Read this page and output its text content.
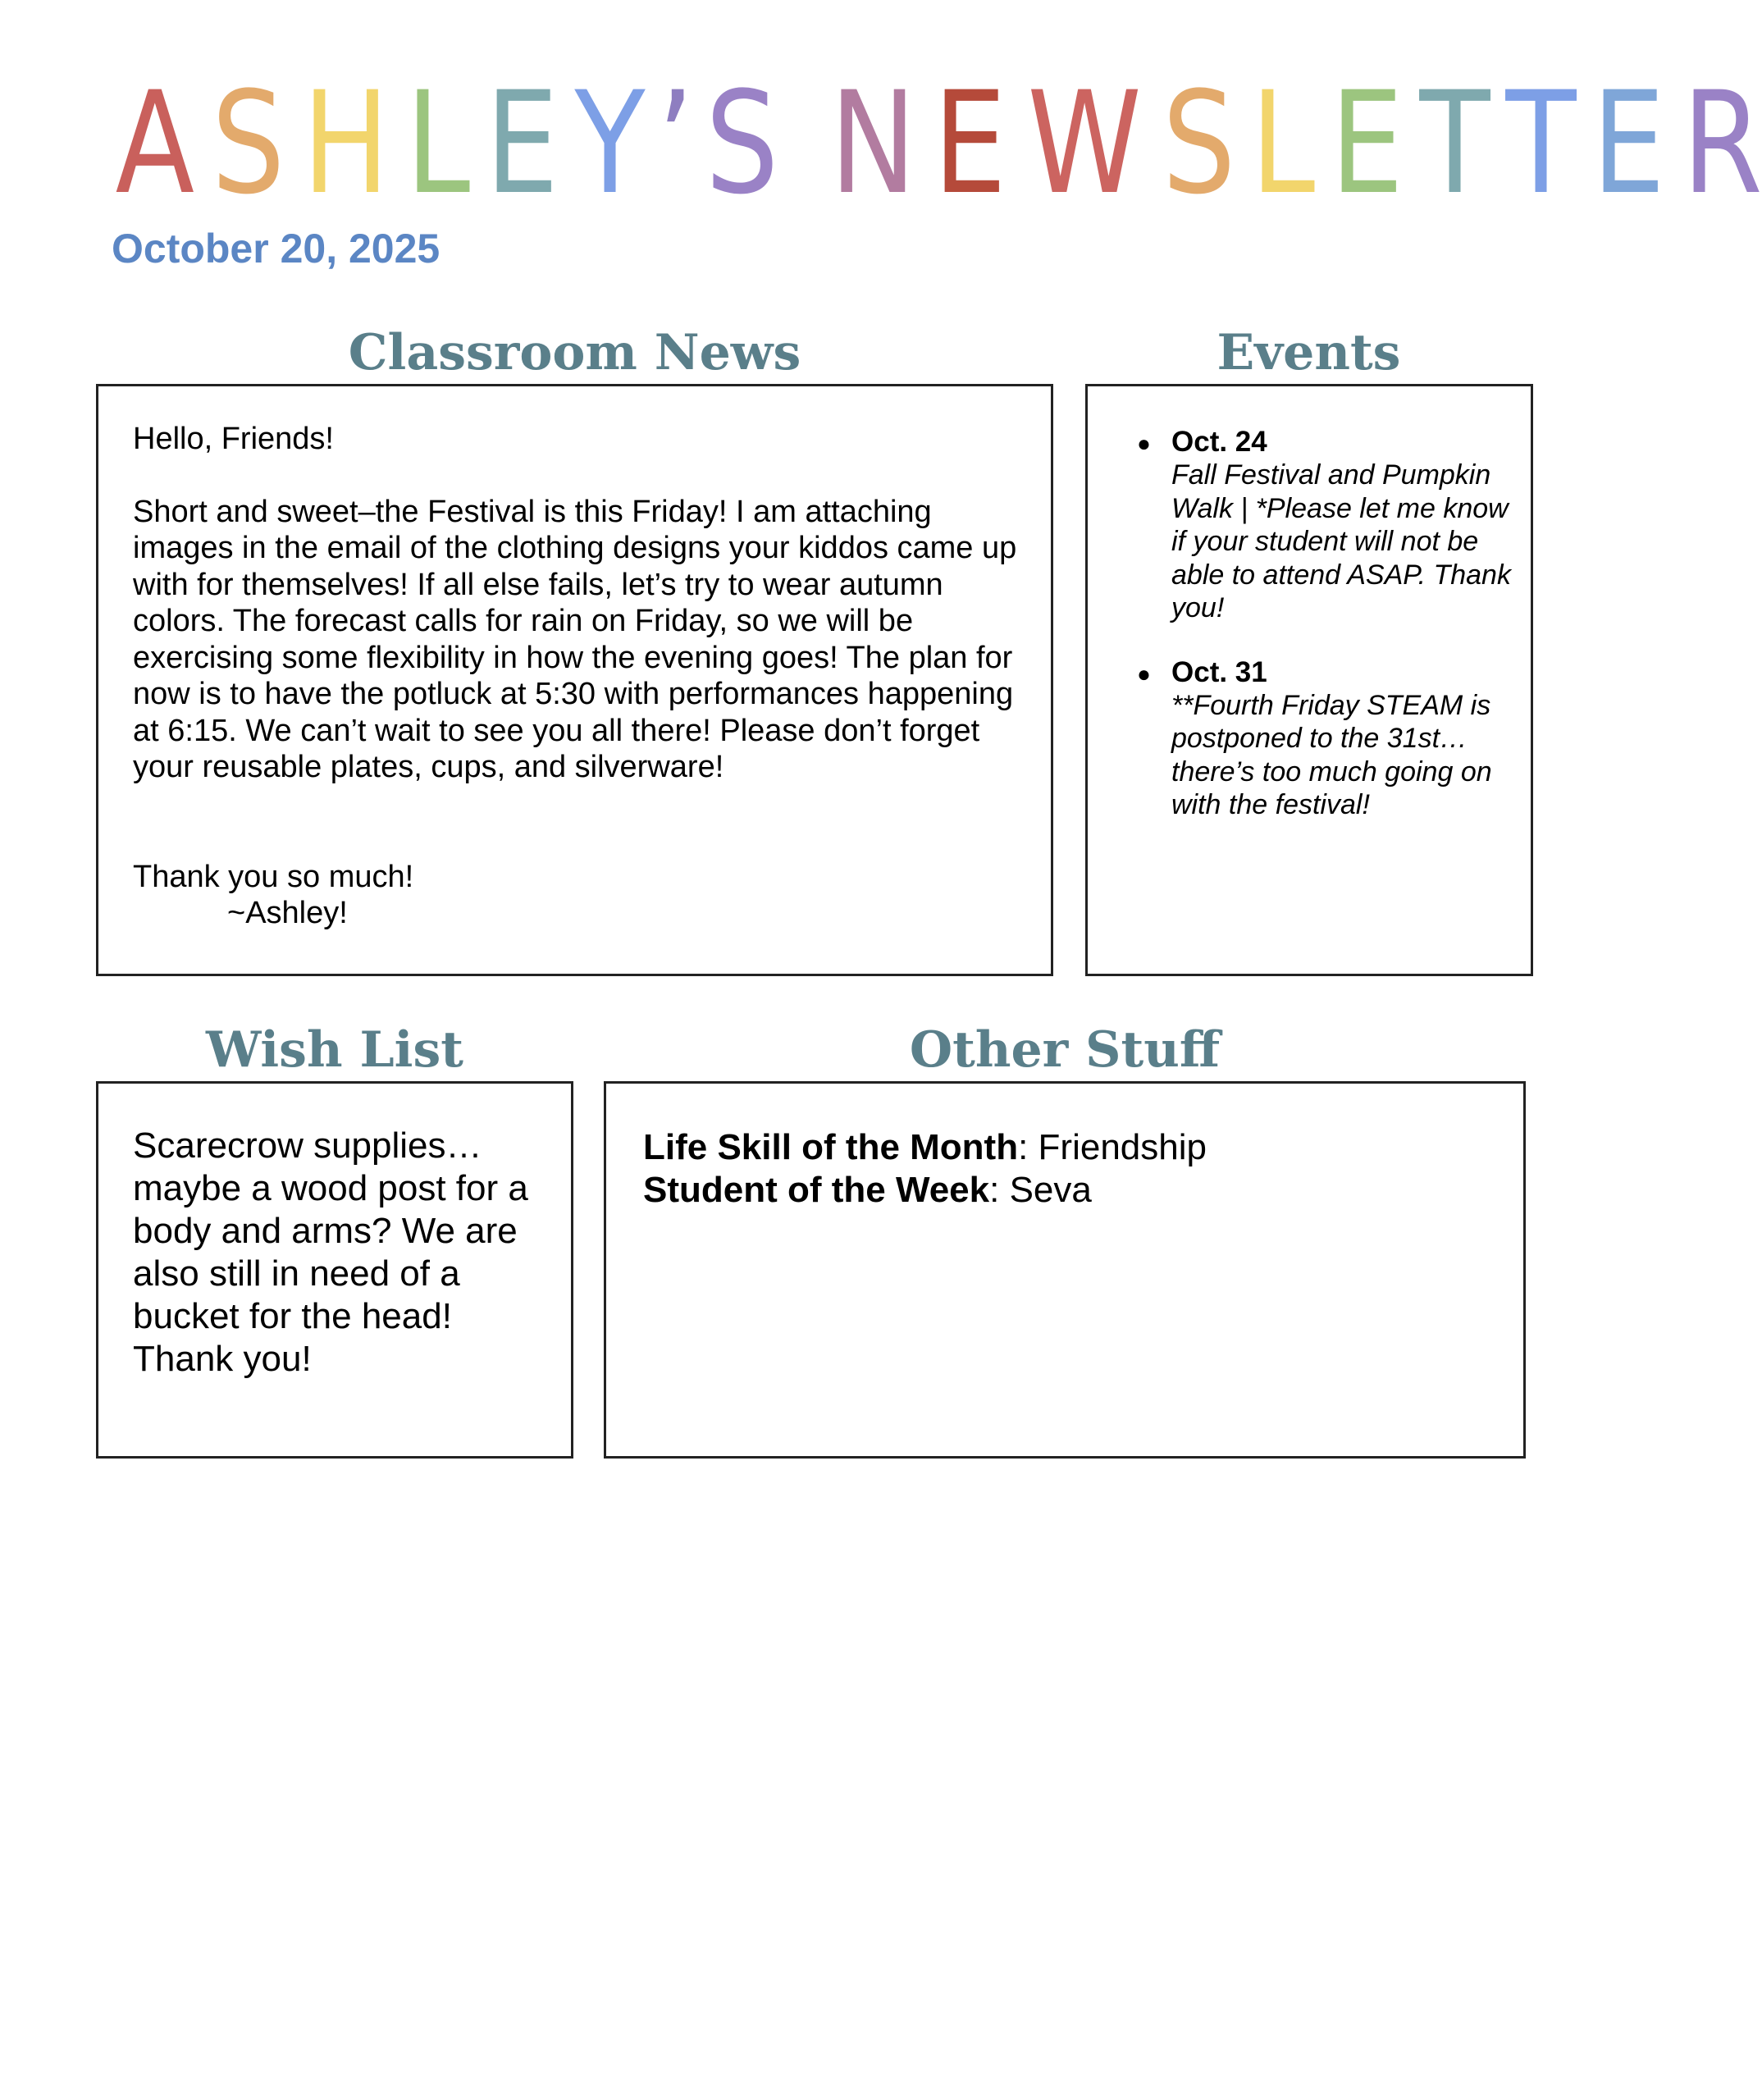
A S H L E Y ’ S
N E W S L E T T E R
October 20, 2025
Classroom News

Hello, Friends!

Short and sweet–the Festival is this Friday! I am attaching images in the email of the clothing designs your kiddos came up with for themselves! If all else fails, let’s try to wear autumn colors. The forecast calls for rain on Friday, so we will be exercising some flexibility in how the evening goes! The plan for now is to have the potluck at 5:30 with performances happening at 6:15. We can’t wait to see you all there! Please don’t forget your reusable plates, cups, and silverware!

Thank you so much!

~Ashley!

Events
● Oct. 24
Fall Festival and Pumpkin Walk | *Please let me know if your student will not be able to attend ASAP. Thank you!
● Oct. 31
**Fourth Friday STEAM is postponed to the 31st…there’s too much going on with the festival!
Wish List
Scarecrow supplies…maybe a wood post for a body and arms? We are also still in need of a bucket for the head! Thank you!
Other Stuff
Life Skill of the Month: Friendship
Student of the Week: Seva
